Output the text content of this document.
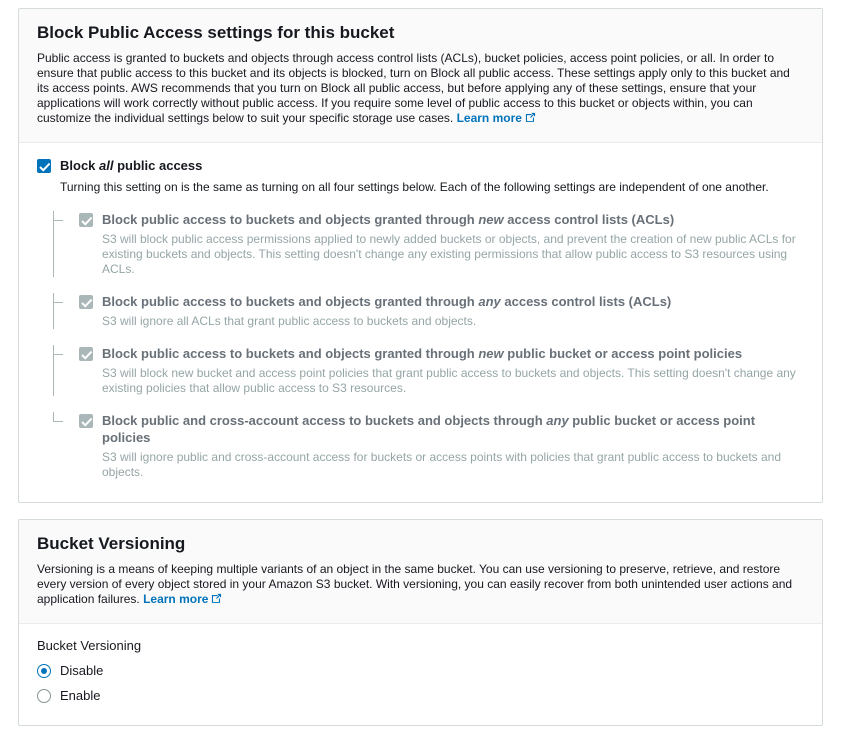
Block Public Access settings for this bucket

Public access is granted to buckets and objects through access control lists (ACLs), bucket policies, access point policies, or all. In order to ensure that public access to this bucket and its objects is blocked, turn on Block all public access. These settings apply only to this bucket and its access points. AWS recommends that you turn on Block all public access, but before applying any of these settings, ensure that your applications will work correctly without public access. If you require some level of public access to this bucket or objects within, you can customize the individual settings below to suit your specific storage use cases. Learn more

Block all public access
Turning this setting on is the same as turning on all four settings below. Each of the following settings are independent of one another.
Block public access to buckets and objects granted through new access control lists (ACLs)
S3 will block public access permissions applied to newly added buckets or objects, and prevent the creation of new public ACLs for existing buckets and objects. This setting doesn't change any existing permissions that allow public access to S3 resources using ACLs.
Block public access to buckets and objects granted through any access control lists (ACLs)
S3 will ignore all ACLs that grant public access to buckets and objects.
Block public access to buckets and objects granted through new public bucket or access point policies
S3 will block new bucket and access point policies that grant public access to buckets and objects. This setting doesn't change any existing policies that allow public access to S3 resources.
Block public and cross-account access to buckets and objects through any public bucket or access point policies
S3 will ignore public and cross-account access for buckets or access points with policies that grant public access to buckets and objects.
Bucket Versioning

Versioning is a means of keeping multiple variants of an object in the same bucket. You can use versioning to preserve, retrieve, and restore every version of every object stored in your Amazon S3 bucket. With versioning, you can easily recover from both unintended user actions and application failures. Learn more

Bucket Versioning
Disable
Enable
